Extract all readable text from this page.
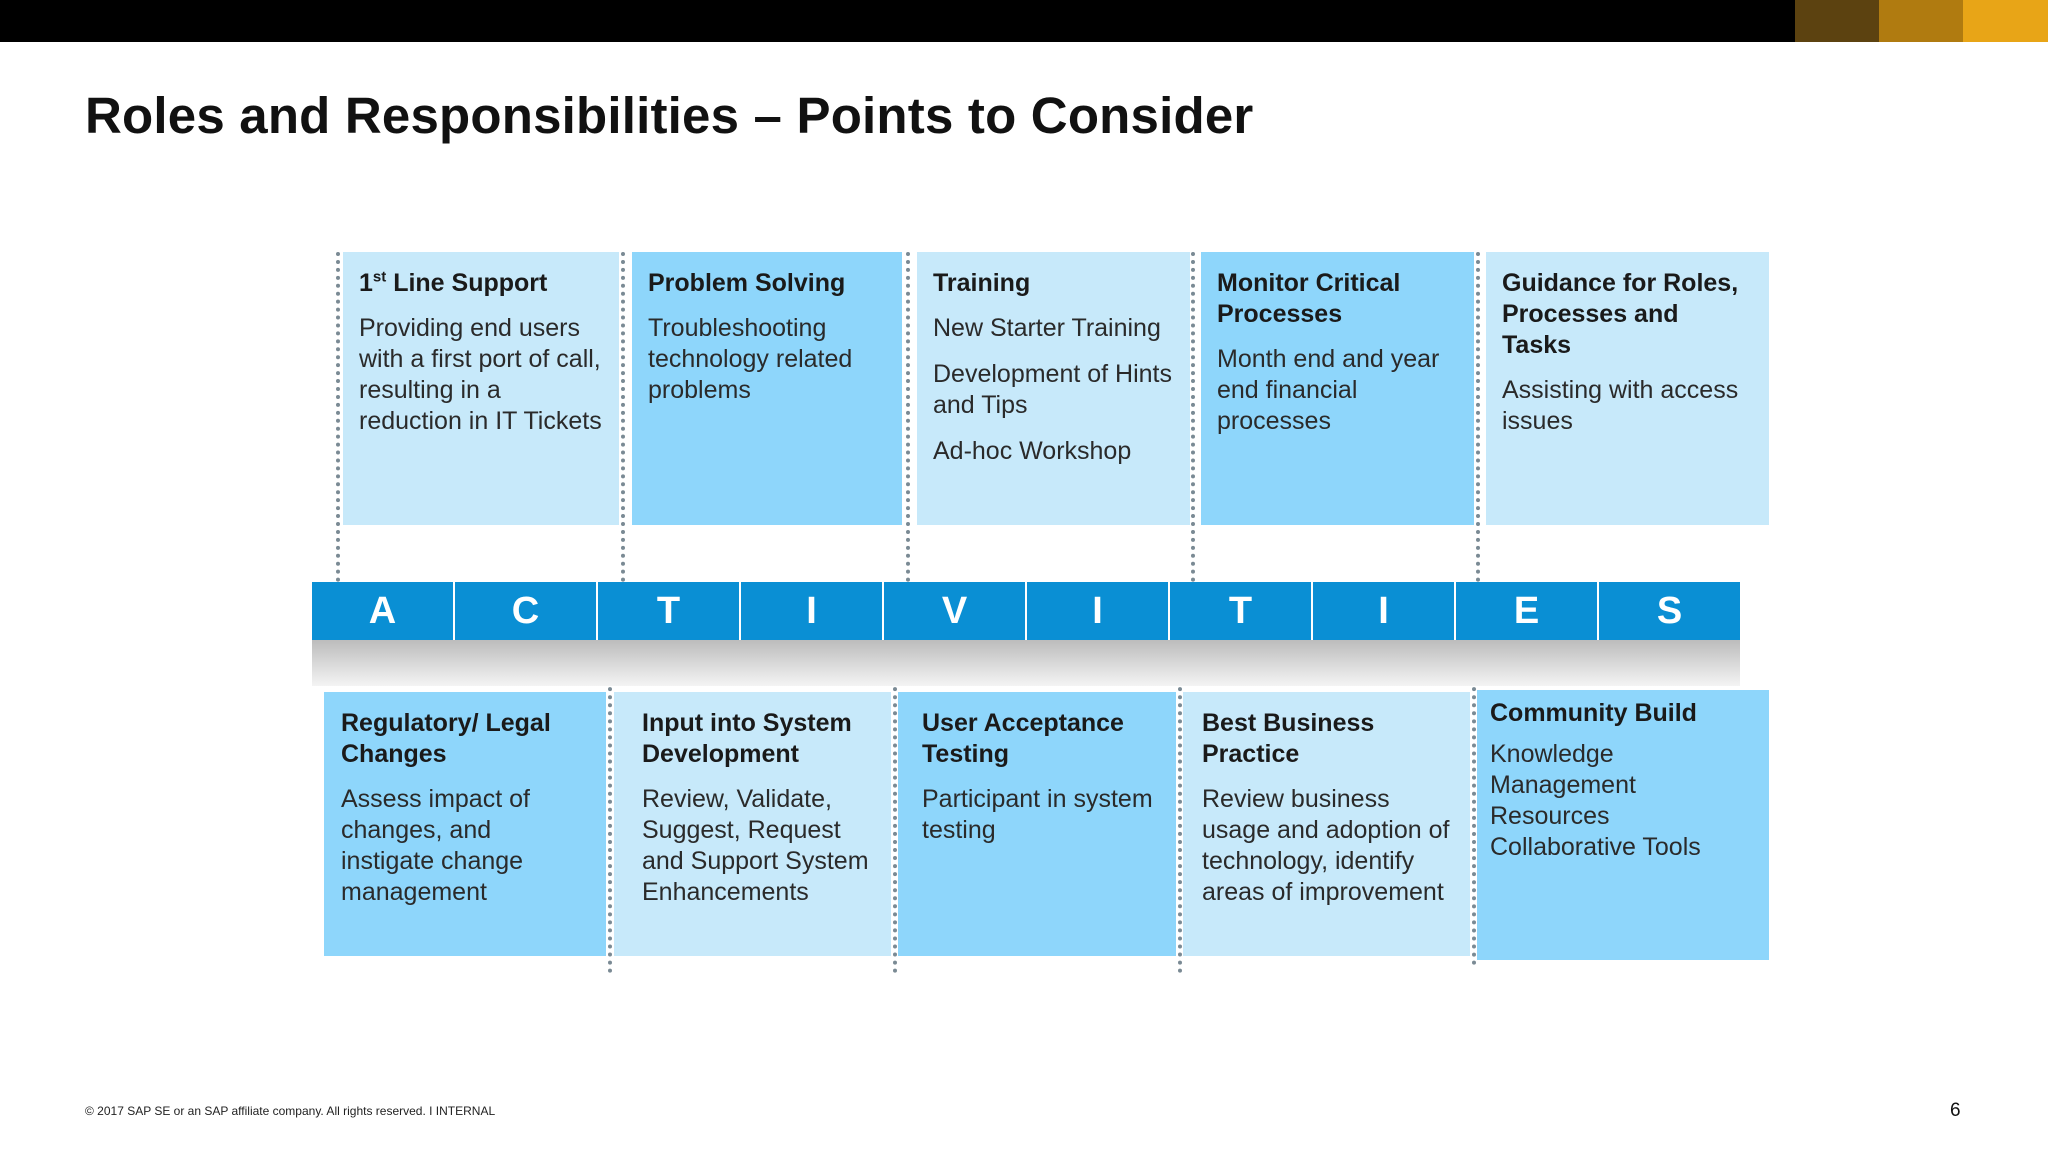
Roles and Responsibilities – Points to Consider
1st Line Support
Providing end users with a first port of call, resulting in a reduction in IT Tickets
Problem Solving
Troubleshooting technology related problems
Training
New Starter Training
Development of Hints and Tips
Ad-hoc Workshop
Monitor Critical Processes
Month end and year end financial processes
Guidance for Roles, Processes and Tasks
Assisting with access issues
A	C	T	I	V	I	T	I	E	S
Regulatory/ Legal Changes
Assess impact of changes, and instigate change management
Input into System Development
Review, Validate, Suggest, Request and Support System Enhancements
User Acceptance Testing
Participant in system testing
Best Business Practice
Review business usage and adoption of technology, identify areas of improvement
Community Build
Knowledge Management Resources
Collaborative Tools
© 2017 SAP SE or an SAP affiliate company. All rights reserved. I INTERNAL	6
